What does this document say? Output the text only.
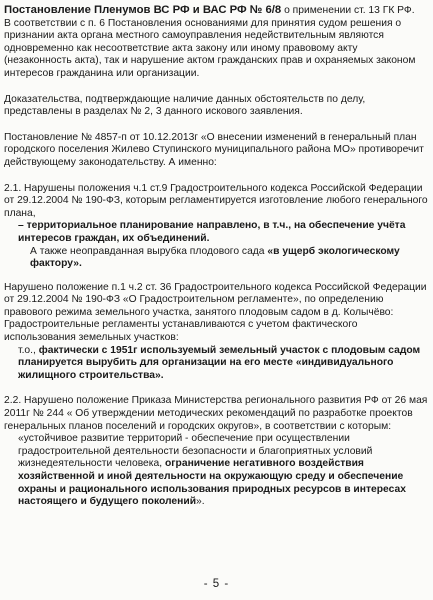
Постановление Пленумов ВС РФ и ВАС РФ № 6/8 о применении ст. 13 ГК РФ.

В соответствии с п. 6 Постановления основаниями для принятия судом решения о признании акта органа местного самоуправления недействительным являются одновременно как несоответствие акта закону или иному правовому акту (незаконность акта), так и нарушение актом гражданских прав и охраняемых законом интересов гражданина или организации.

Доказательства, подтверждающие наличие данных обстоятельств по делу, представлены в разделах № 2, 3 данного искового заявления.

Постановление № 4857-п от 10.12.2013г «О внесении изменений в генеральный план городского поселения Жилево Ступинского муниципального района МО» противоречит действующему законодательству. А именно:

2.1. Нарушены положения ч.1 ст.9 Градостроительного кодекса Российской Федерации от 29.12.2004 № 190-ФЗ, которым регламентируется изготовление любого генерального плана,

– территориальное планирование направлено, в т.ч., на обеспечение учёта интересов граждан, их объединений.

А также неоправданная вырубка плодового сада «в ущерб экологическому фактору».

Нарушено положение п.1 ч.2 ст. 36 Градостроительного кодекса Российской Федерации от 29.12.2004 № 190-ФЗ «О Градостроительном регламенте», по определению правового режима земельного участка, занятого плодовым садом в д. Колычёво: Градостроительные регламенты устанавливаются с учетом фактического использования земельных участков:

т.о., фактически с 1951г используемый земельный участок с плодовым садом планируется вырубить для организации на его месте «индивидуального жилищного строительства».

2.2. Нарушено положение Приказа Министерства регионального развития РФ от 26 мая 2011г № 244 « Об утверждении методических рекомендаций по разработке проектов генеральных планов поселений и городских округов», в соответствии с которым:

«устойчивое развитие территорий - обеспечение при осуществлении градостроительной деятельности безопасности и благоприятных условий жизнедеятельности человека, ограничение негативного воздействия хозяйственной и иной деятельности на окружающую среду и обеспечение охраны и рационального использования природных ресурсов в интересах настоящего и будущего поколений».

- 5 -
